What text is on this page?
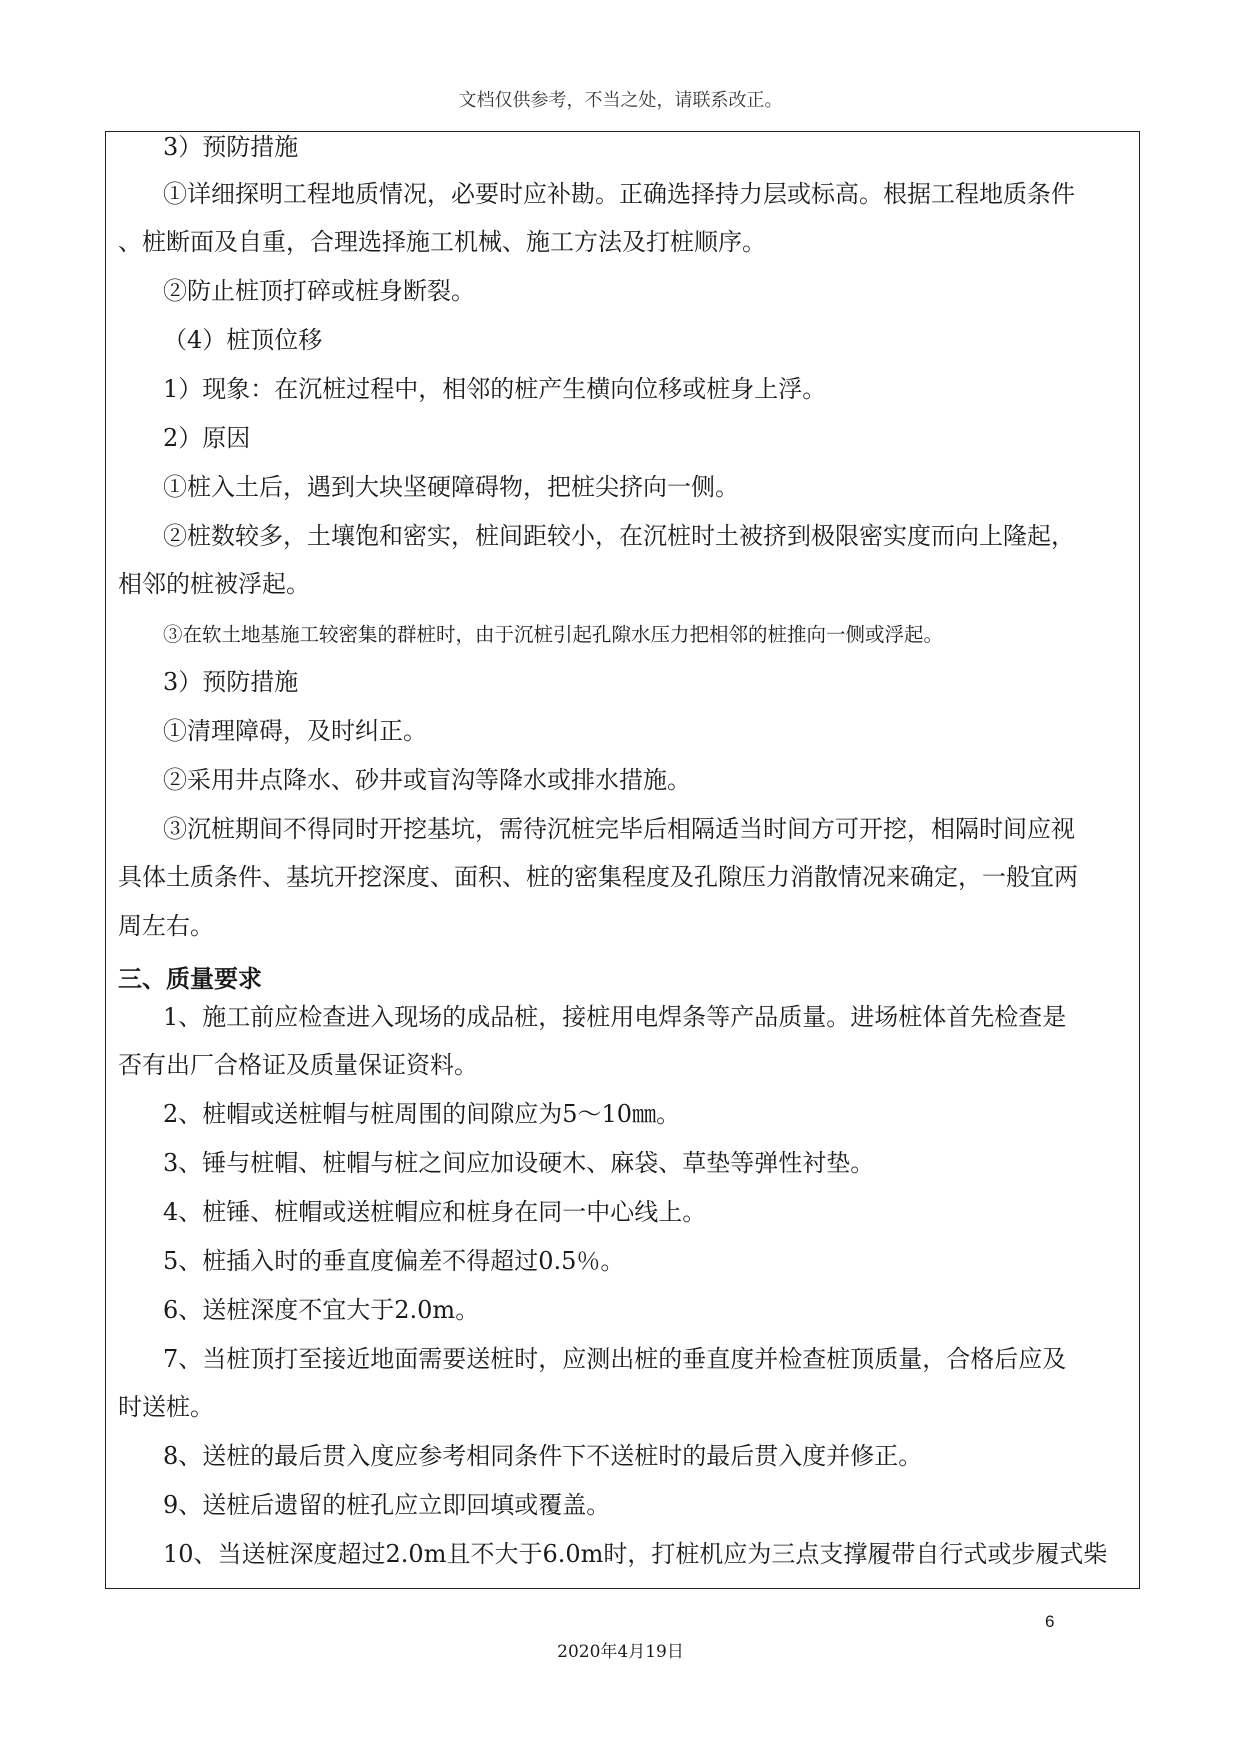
文档仅供参考，不当之处，请联系改正。
3）预防措施
①详细探明工程地质情况，必要时应补勘。正确选择持力层或标高。根据工程地质条件
、桩断面及自重，合理选择施工机械、施工方法及打桩顺序。
②防止桩顶打碎或桩身断裂。
（4）桩顶位移
1）现象：在沉桩过程中，相邻的桩产生横向位移或桩身上浮。
2）原因
①桩入土后，遇到大块坚硬障碍物，把桩尖挤向一侧。
②桩数较多，土壤饱和密实，桩间距较小，在沉桩时土被挤到极限密实度而向上隆起，
相邻的桩被浮起。
③在软土地基施工较密集的群桩时，由于沉桩引起孔隙水压力把相邻的桩推向一侧或浮起。
3）预防措施
①清理障碍，及时纠正。
②采用井点降水、砂井或盲沟等降水或排水措施。
③沉桩期间不得同时开挖基坑，需待沉桩完毕后相隔适当时间方可开挖，相隔时间应视
具体土质条件、基坑开挖深度、面积、桩的密集程度及孔隙压力消散情况来确定，一般宜两
周左右。
三、质量要求
1、施工前应检查进入现场的成品桩，接桩用电焊条等产品质量。进场桩体首先检查是
否有出厂合格证及质量保证资料。
2、桩帽或送桩帽与桩周围的间隙应为5～10㎜。
3、锤与桩帽、桩帽与桩之间应加设硬木、麻袋、草垫等弹性衬垫。
4、桩锤、桩帽或送桩帽应和桩身在同一中心线上。
5、桩插入时的垂直度偏差不得超过0.5％。
6、送桩深度不宜大于2.0m。
7、当桩顶打至接近地面需要送桩时，应测出桩的垂直度并检查桩顶质量，合格后应及
时送桩。
8、送桩的最后贯入度应参考相同条件下不送桩时的最后贯入度并修正。
9、送桩后遗留的桩孔应立即回填或覆盖。
10、当送桩深度超过2.0m且不大于6.0m时，打桩机应为三点支撑履带自行式或步履式柴
6
2020年4月19日
